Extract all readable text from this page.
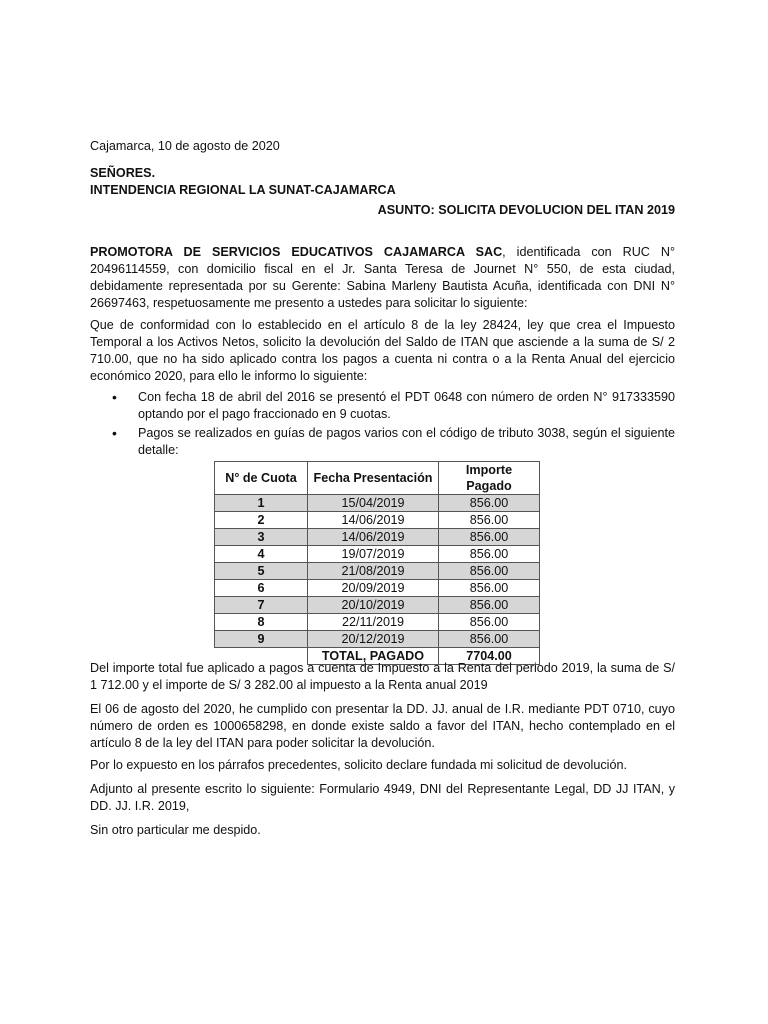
Cajamarca, 10 de agosto de 2020

SEÑORES.

INTENDENCIA REGIONAL LA SUNAT-CAJAMARCA

ASUNTO: SOLICITA DEVOLUCION DEL ITAN 2019

PROMOTORA DE SERVICIOS EDUCATIVOS CAJAMARCA SAC, identificada con RUC N° 20496114559, con domicilio fiscal en el Jr. Santa Teresa de Journet N° 550, de esta ciudad, debidamente representada por su Gerente: Sabina Marleny Bautista Acuña, identificada con DNI N° 26697463, respetuosamente me presento a ustedes para solicitar lo siguiente:

Que de conformidad con lo establecido en el artículo 8 de la ley 28424, ley que crea el Impuesto Temporal a los Activos Netos, solicito la devolución del Saldo de ITAN que asciende a la suma de S/ 2 710.00, que no ha sido aplicado contra los pagos a cuenta ni contra o a la Renta Anual del ejercicio económico 2020, para ello le informo lo siguiente:

• Con fecha 18 de abril del 2016 se presentó el PDT 0648 con número de orden N° 917333590 optando por el pago fraccionado en 9 cuotas.
• Pagos se realizados en guías de pagos varios con el código de tributo 3038, según el siguiente detalle:
N° de Cuota	Fecha Presentación	Importe Pagado
1	15/04/2019	856.00
2	14/06/2019	856.00
3	14/06/2019	856.00
4	19/07/2019	856.00
5	21/08/2019	856.00
6	20/09/2019	856.00
7	20/10/2019	856.00
8	22/11/2019	856.00
9	20/12/2019	856.00
	TOTAL, PAGADO	7704.00

Del importe total fue aplicado a pagos a cuenta de Impuesto a la Renta del periodo 2019, la suma de S/ 1 712.00 y el importe de S/ 3 282.00 al impuesto a la Renta anual 2019

El 06 de agosto del 2020, he cumplido con presentar la DD. JJ. anual de I.R. mediante PDT 0710, cuyo número de orden es 1000658298, en donde existe saldo a favor del ITAN, hecho contemplado en el artículo 8 de la ley del ITAN para poder solicitar la devolución.

Por lo expuesto en los párrafos precedentes, solicito declare fundada mi solicitud de devolución.

Adjunto al presente escrito lo siguiente: Formulario 4949, DNI del Representante Legal, DD JJ ITAN, y DD. JJ. I.R. 2019,

Sin otro particular me despido.
